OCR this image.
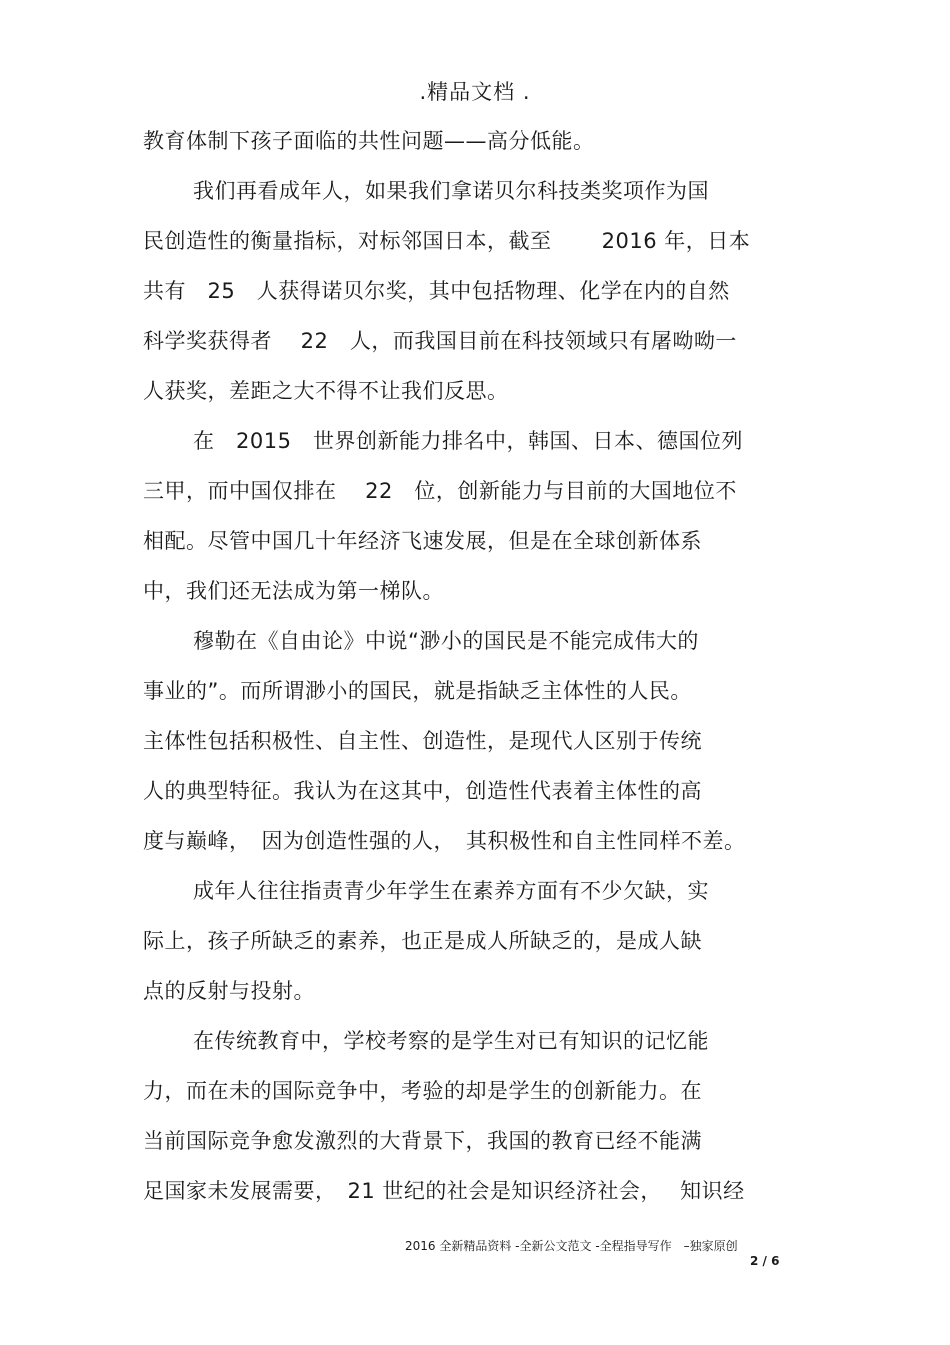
.精品文档 .
教育体制下孩子面临的共性问题——高分低能。
我们再看成年人，如果我们拿诺贝尔科技类奖项作为国
民创造性的衡量指标，对标邻国日本，截至　　 2016 年，日本
共有　25　人获得诺贝尔奖，其中包括物理、化学在内的自然
科学奖获得者　 22　人，而我国目前在科技领域只有屠呦呦一
人获奖，差距之大不得不让我们反思。
在　2015　世界创新能力排名中，韩国、日本、德国位列
三甲，而中国仅排在　 22　位，创新能力与目前的大国地位不
相配。尽管中国几十年经济飞速发展，但是在全球创新体系
中，我们还无法成为第一梯队。
穆勒在《自由论》中说“渺小的国民是不能完成伟大的
事业的”。而所谓渺小的国民，就是指缺乏主体性的人民。
主体性包括积极性、自主性、创造性，是现代人区别于传统
人的典型特征。我认为在这其中，创造性代表着主体性的高
度与巅峰，　因为创造性强的人，　其积极性和自主性同样不差。
成年人往往指责青少年学生在素养方面有不少欠缺，实
际上，孩子所缺乏的素养，也正是成人所缺乏的，是成人缺
点的反射与投射。
在传统教育中，学校考察的是学生对已有知识的记忆能
力，而在未的国际竞争中，考验的却是学生的创新能力。在
当前国际竞争愈发激烈的大背景下，我国的教育已经不能满
足国家未发展需要，　21 世纪的社会是知识经济社会，　 知识经
2016 全新精品资料 -全新公文范文 -全程指导写作　–独家原创
2 / 6
